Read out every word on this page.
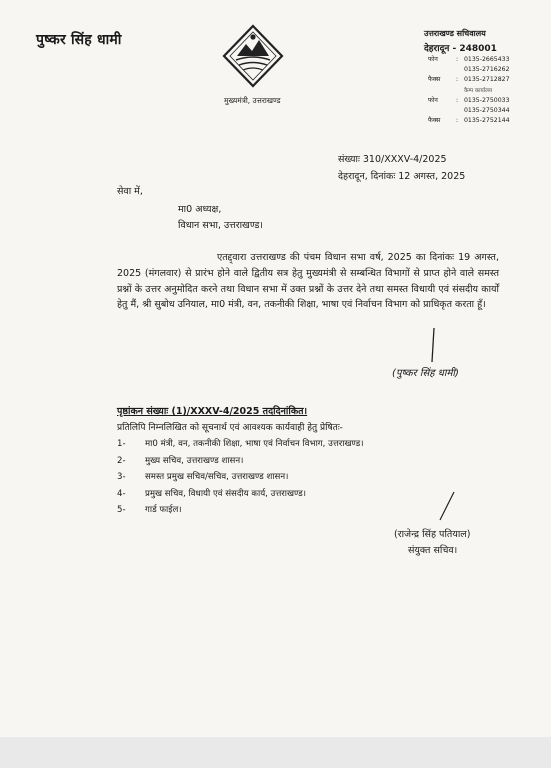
पुष्कर सिंह धामी
मुख्यमंत्री, उत्तराखण्ड
उत्तराखण्ड सचिवालय
देहरादून - 248001
फोन	: 0135-2665433
0135-2716262
फैक्स	: 0135-2712827
कैम्प कार्यालय
फोन	: 0135-2750033
0135-2750344
फैक्स	: 0135-2752144
संख्याः 310/XXXV-4/2025
देहरादून, दिनांकः 12 अगस्त, 2025
सेवा में,
मा0 अध्यक्ष,
विधान सभा, उत्तराखण्ड।
एतद्द्वारा उत्तराखण्ड की पंचम विधान सभा वर्ष, 2025 का दिनांकः 19 अगस्त, 2025 (मंगलवार) से प्रारंभ होने वाले द्वितीय सत्र हेतु मुख्यमंत्री से सम्बन्धित विभागों से प्राप्त होने वाले समस्त प्रश्नों के उत्तर अनुमोदित करने तथा विधान सभा में उक्त प्रश्नों के उत्तर देने तथा समस्त विधायी एवं संसदीय कार्यों हेतु मैं, श्री सुबोध उनियाल, मा0 मंत्री, वन, तकनीकी शिक्षा, भाषा एवं निर्वाचन विभाग को प्राधिकृत करता हूँ।
(पुष्कर सिंह धामी)
पृष्ठांकन संख्याः (1)/XXXV-4/2025 तददिनांकित।
प्रतिलिपि निम्नलिखित को सूचनार्थ एवं आवश्यक कार्यवाही हेतु प्रेषितः-
1-	मा0 मंत्री, वन, तकनीकी शिक्षा, भाषा एवं निर्वाचन विभाग, उत्तराखण्ड।
2-	मुख्य सचिव, उत्तराखण्ड शासन।
3-	समस्त प्रमुख सचिव/सचिव, उत्तराखण्ड शासन।
4-	प्रमुख सचिव, विधायी एवं संसदीय कार्य, उत्तराखण्ड।
5-	गार्ड फाईल।
(राजेन्द्र सिंह पतियाल)
संयुक्त सचिव।
